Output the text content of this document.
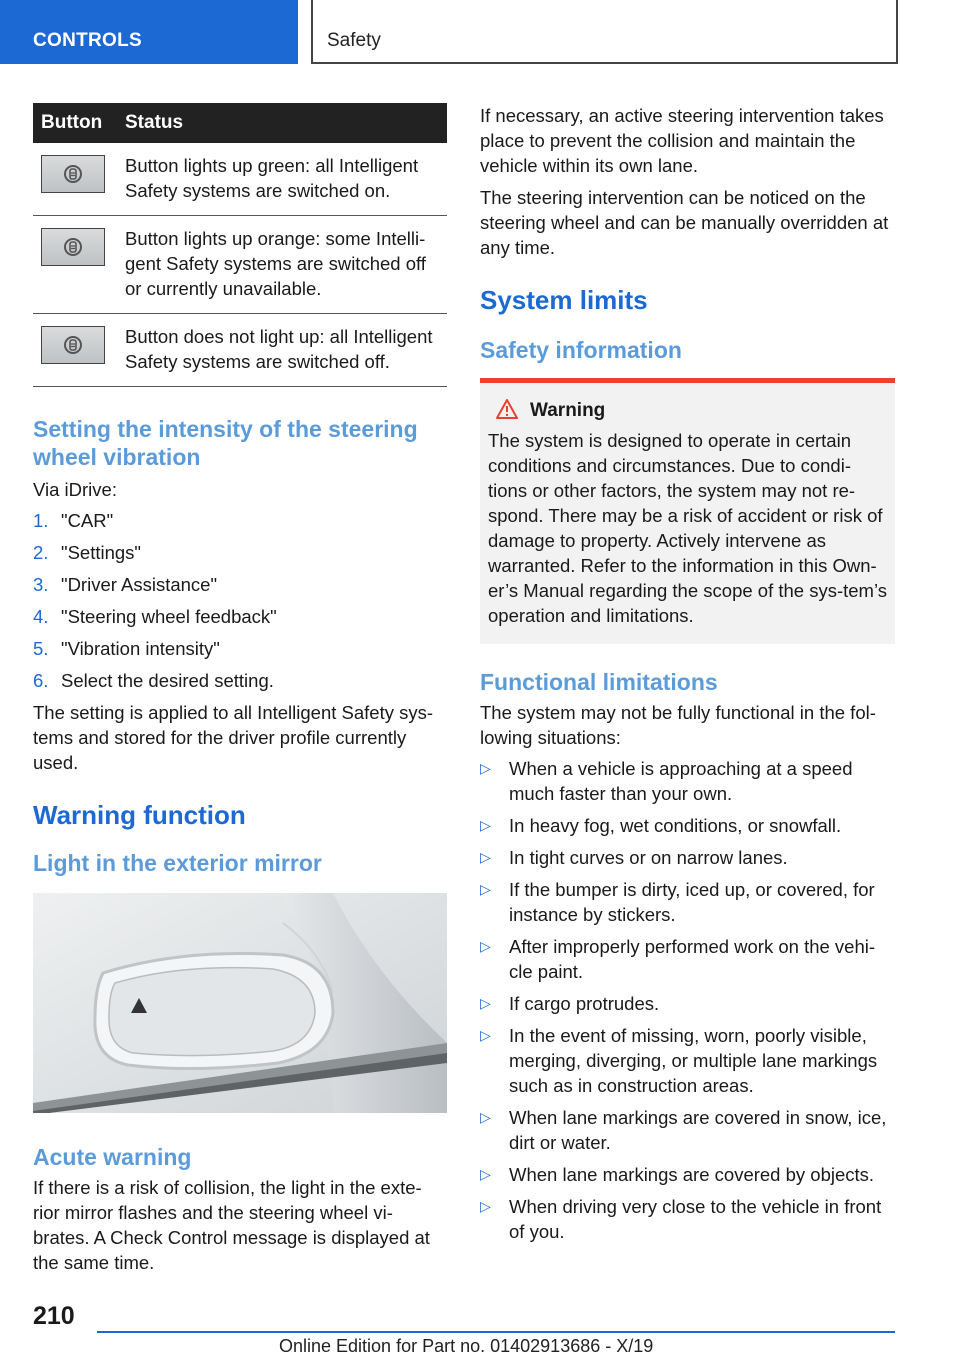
CONTROLS	Safety
Button	Status

	Button lights up green: all Intelligent Safety systems are switched on.

	Button lights up orange: some Intelli-gent Safety systems are switched off or currently unavailable.

	Button does not light up: all Intelligent Safety systems are switched off.
Setting the intensity of the steering wheel vibration

Via iDrive:

1. "CAR"
2. "Settings"
3. "Driver Assistance"
4. "Steering wheel feedback"
5. "Vibration intensity"
6. Select the desired setting.

The setting is applied to all Intelligent Safety sys-tems and stored for the driver profile currently used.

Warning function
Light in the exterior mirror
Acute warning

If there is a risk of collision, the light in the exte-rior mirror flashes and the steering wheel vi-brates. A Check Control message is displayed at the same time.

If necessary, an active steering intervention takes place to prevent the collision and maintain the vehicle within its own lane.

The steering intervention can be noticed on the steering wheel and can be manually overridden at any time.

System limits
Safety information

Warning

The system is designed to operate in certain conditions and circumstances. Due to condi-tions or other factors, the system may not re-spond. There may be a risk of accident or risk of damage to property. Actively intervene as warranted. Refer to the information in this Own-er’s Manual regarding the scope of the sys-tem’s operation and limitations.

Functional limitations

The system may not be fully functional in the fol-lowing situations:

▷ When a vehicle is approaching at a speed much faster than your own.
▷ In heavy fog, wet conditions, or snowfall.
▷ In tight curves or on narrow lanes.
▷ If the bumper is dirty, iced up, or covered, for instance by stickers.
▷ After improperly performed work on the vehi-cle paint.
▷ If cargo protrudes.
▷ In the event of missing, worn, poorly visible, merging, diverging, or multiple lane markings such as in construction areas.
▷ When lane markings are covered in snow, ice, dirt or water.
▷ When lane markings are covered by objects.
▷ When driving very close to the vehicle in front of you.
210
Online Edition for Part no. 01402913686 - X/19
